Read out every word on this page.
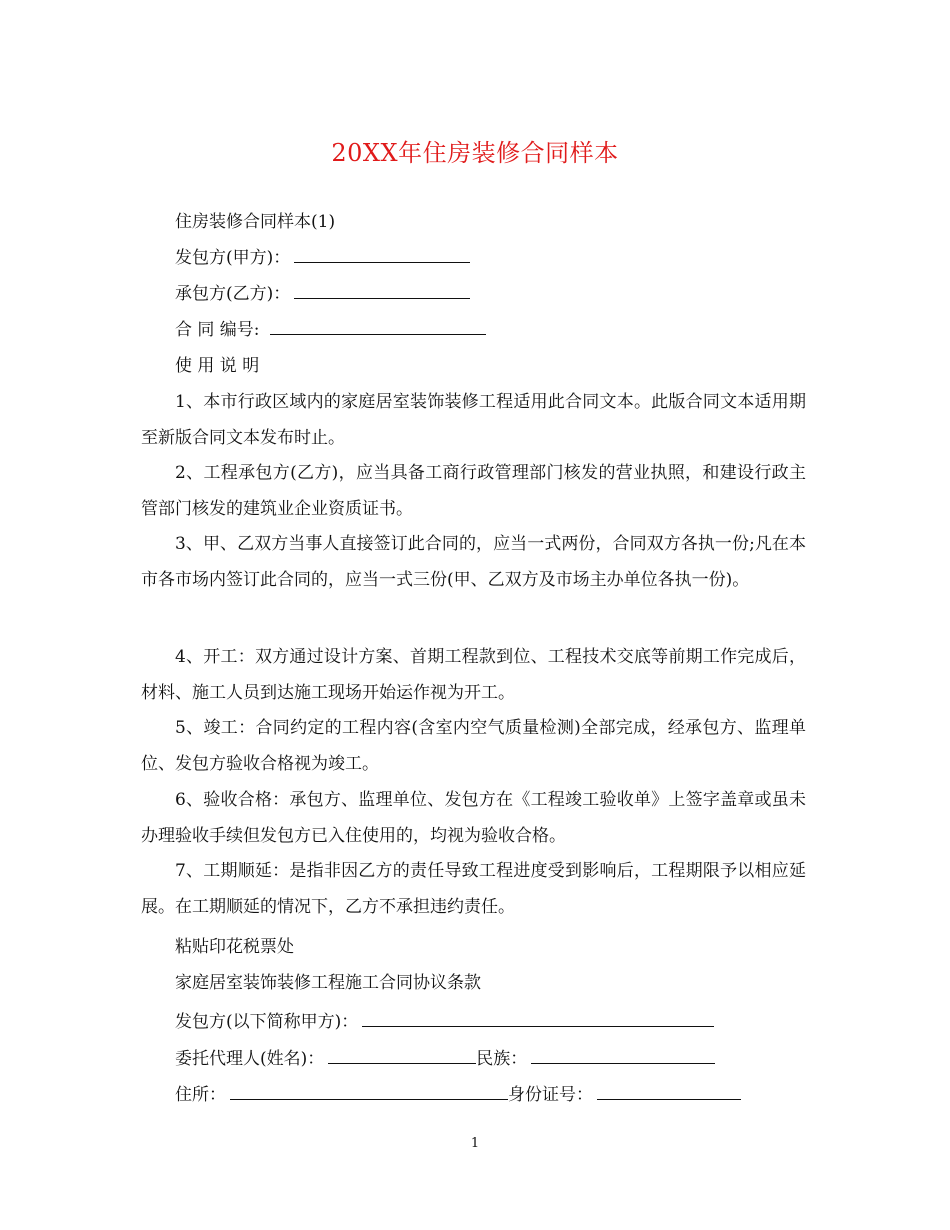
20XX年住房装修合同样本
住房装修合同样本(1)
发包方(甲方)：
承包方(乙方)：
合 同 编号:
使 用 说 明
1、本市行政区域内的家庭居室装饰装修工程适用此合同文本。此版合同文本适用期至新版合同文本发布时止。
2、工程承包方(乙方)，应当具备工商行政管理部门核发的营业执照，和建设行政主管部门核发的建筑业企业资质证书。
3、甲、乙双方当事人直接签订此合同的，应当一式两份，合同双方各执一份;凡在本市各市场内签订此合同的，应当一式三份(甲、乙双方及市场主办单位各执一份)。
4、开工：双方通过设计方案、首期工程款到位、工程技术交底等前期工作完成后，材料、施工人员到达施工现场开始运作视为开工。
5、竣工：合同约定的工程内容(含室内空气质量检测)全部完成，经承包方、监理单位、发包方验收合格视为竣工。
6、验收合格：承包方、监理单位、发包方在《工程竣工验收单》上签字盖章或虽未办理验收手续但发包方已入住使用的，均视为验收合格。
7、工期顺延：是指非因乙方的责任导致工程进度受到影响后，工程期限予以相应延展。在工期顺延的情况下，乙方不承担违约责任。
粘贴印花税票处
家庭居室装饰装修工程施工合同协议条款
发包方(以下简称甲方)：
委托代理人(姓名)：	民族：
住所：	身份证号：
1
